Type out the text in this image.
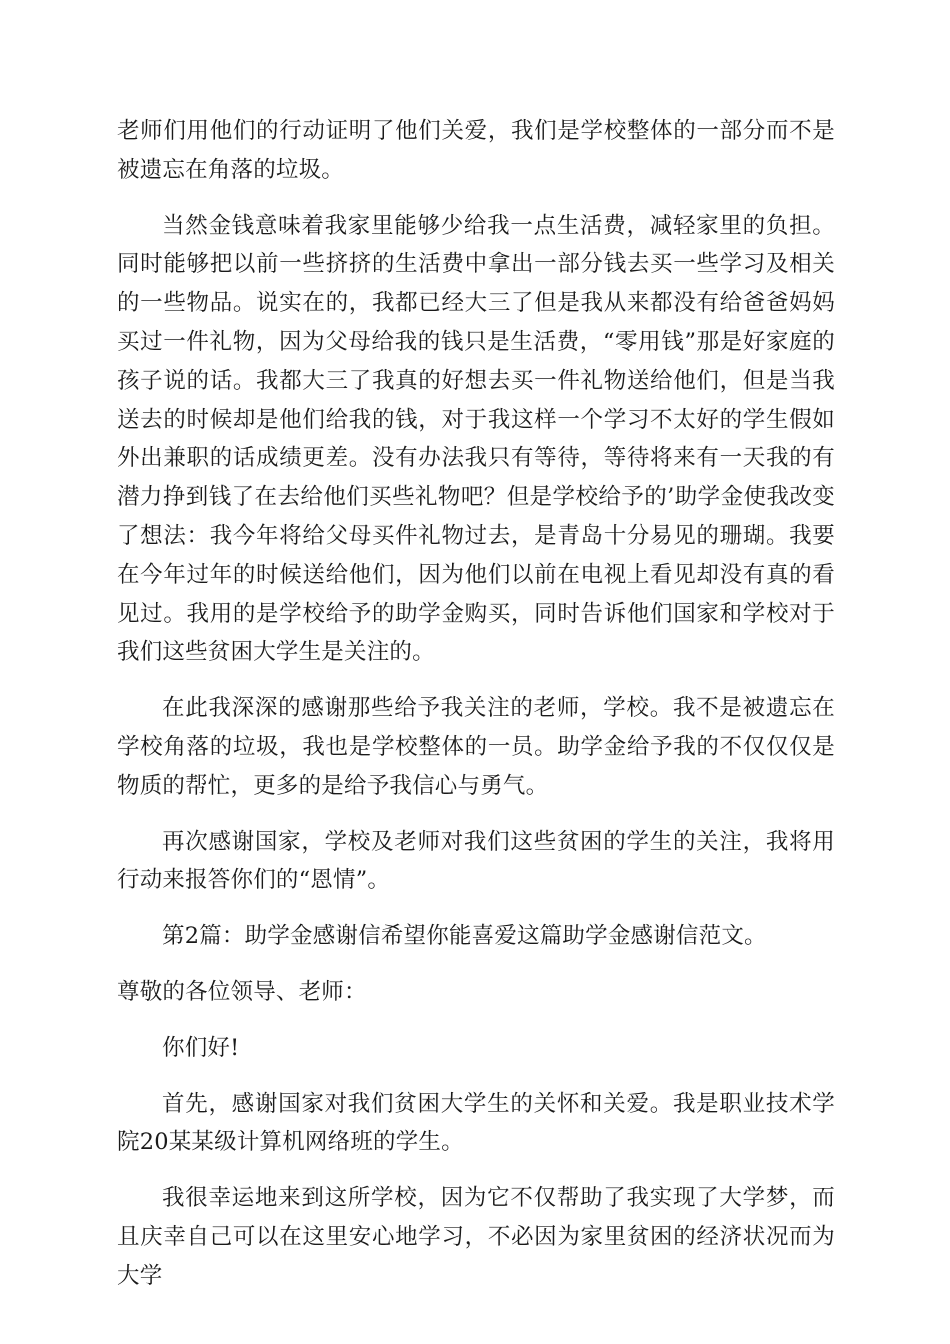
老师们用他们的行动证明了他们关爱，我们是学校整体的一部分而不是被遗忘在角落的垃圾。

当然金钱意味着我家里能够少给我一点生活费，减轻家里的负担。同时能够把以前一些挤挤的生活费中拿出一部分钱去买一些学习及相关的一些物品。说实在的，我都已经大三了但是我从来都没有给爸爸妈妈买过一件礼物，因为父母给我的钱只是生活费，“零用钱”那是好家庭的孩子说的话。我都大三了我真的好想去买一件礼物送给他们，但是当我送去的时候却是他们给我的钱，对于我这样一个学习不太好的学生假如外出兼职的话成绩更差。没有办法我只有等待，等待将来有一天我的有潜力挣到钱了在去给他们买些礼物吧？但是学校给予的’助学金使我改变了想法：我今年将给父母买件礼物过去，是青岛十分易见的珊瑚。我要在今年过年的时候送给他们，因为他们以前在电视上看见却没有真的看见过。我用的是学校给予的助学金购买，同时告诉他们国家和学校对于我们这些贫困大学生是关注的。

在此我深深的感谢那些给予我关注的老师，学校。我不是被遗忘在学校角落的垃圾，我也是学校整体的一员。助学金给予我的不仅仅仅是物质的帮忙，更多的是给予我信心与勇气。

再次感谢国家，学校及老师对我们这些贫困的学生的关注，我将用行动来报答你们的“恩情”。

第2篇：助学金感谢信希望你能喜爱这篇助学金感谢信范文。

尊敬的各位领导、老师：

你们好!

首先，感谢国家对我们贫困大学生的关怀和关爱。我是职业技术学院20某某级计算机网络班的学生。

我很幸运地来到这所学校，因为它不仅帮助了我实现了大学梦，而且庆幸自己可以在这里安心地学习，不必因为家里贫困的经济状况而为大学
